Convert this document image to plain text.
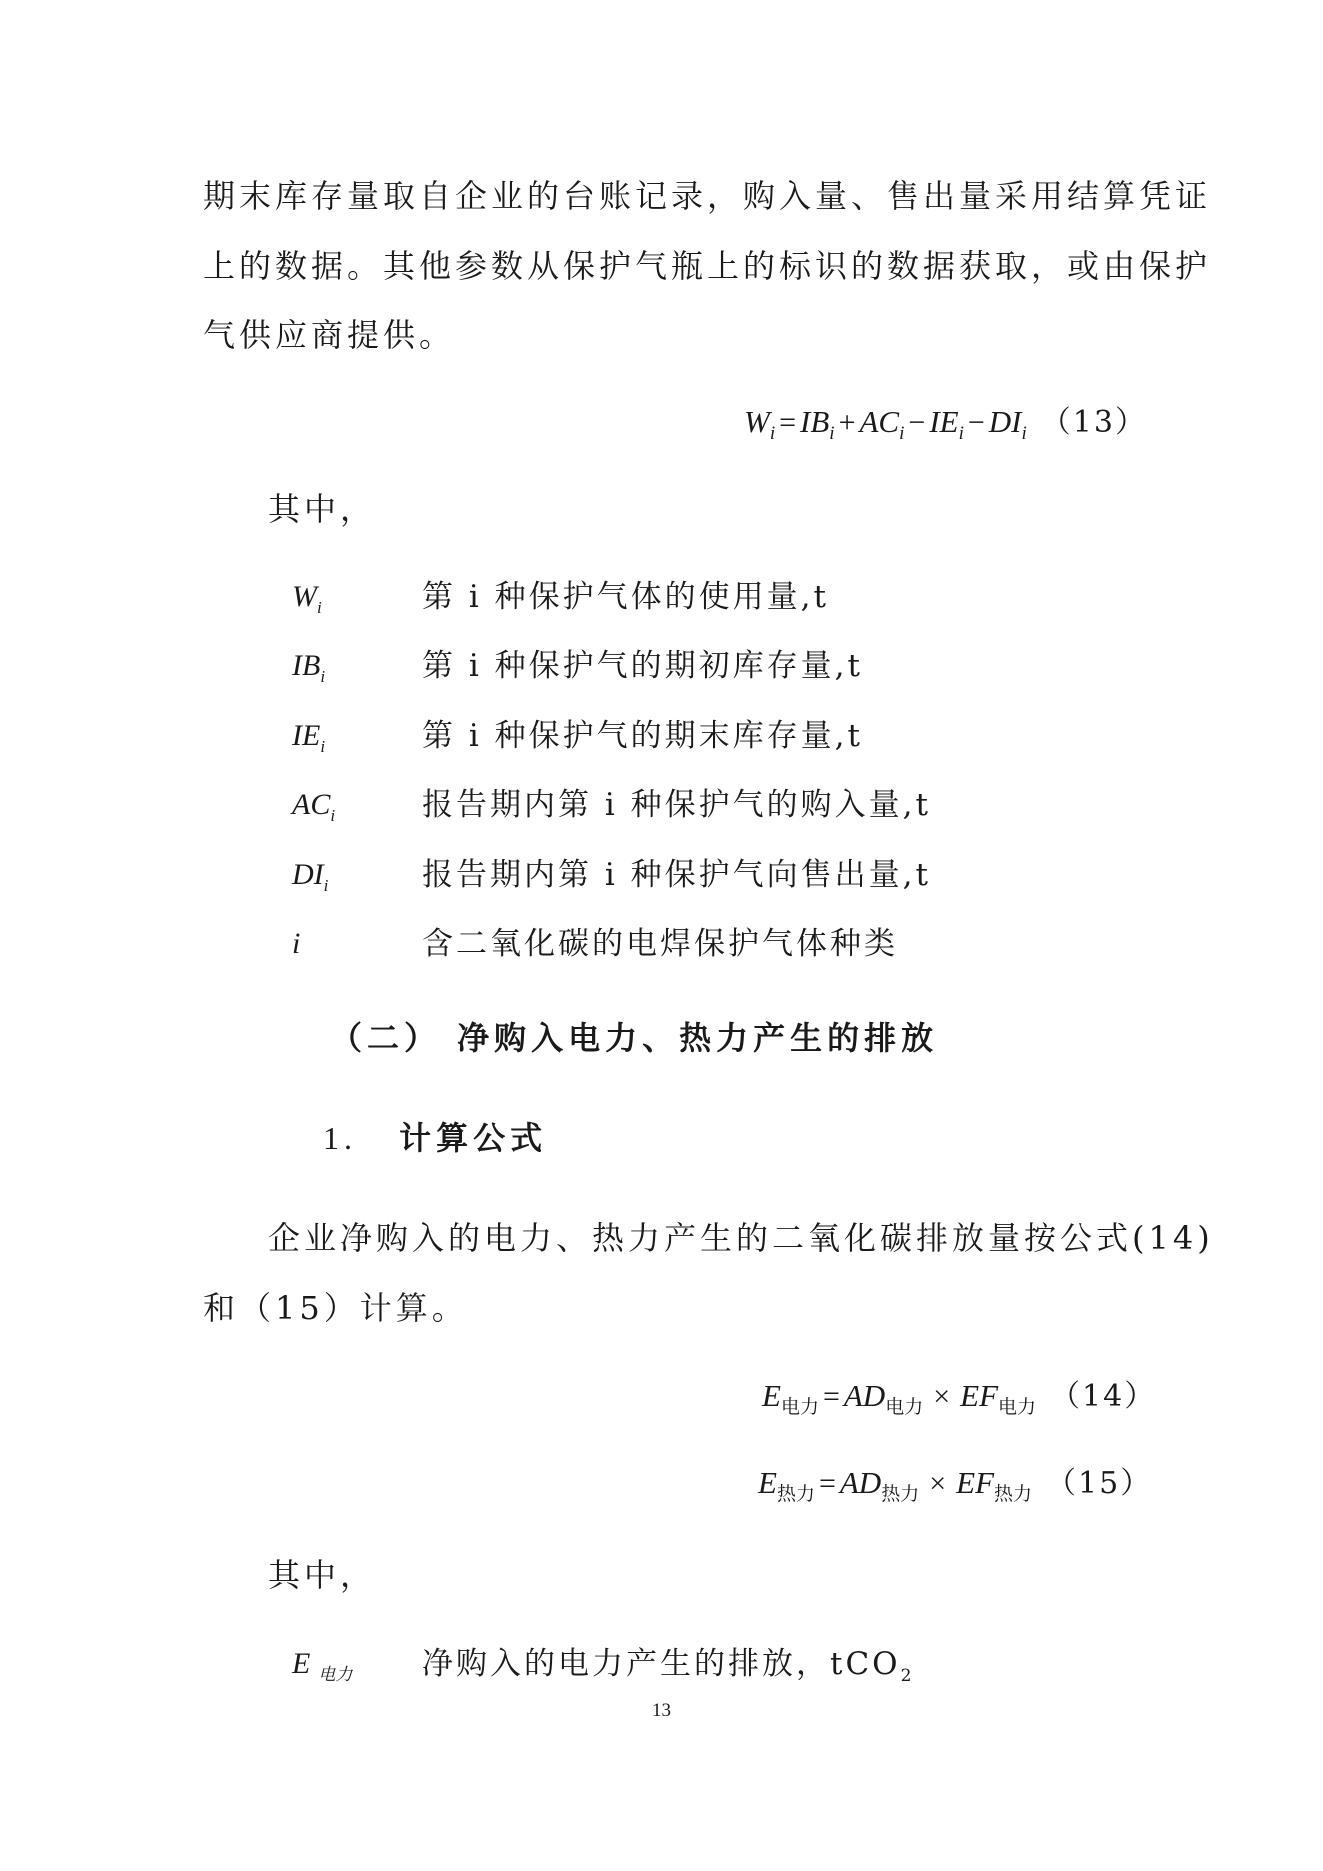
期末库存量取自企业的台账记录，购入量、售出量采用结算凭证
上的数据。其他参数从保护气瓶上的标识的数据获取，或由保护
气供应商提供。
$W_i = IB_i + AC_i - IE_i - DI_i$ （13）
其中，
$W_i$	第 i 种保护气体的使用量,t
$IB_i$	第 i 种保护气的期初库存量,t
$IE_i$	第 i 种保护气的期末库存量,t
$AC_i$	报告期内第 i 种保护气的购入量,t
$DI_i$	报告期内第 i 种保护气向售出量,t
i	含二氧化碳的电焊保护气体种类
（二） 净购入电力、热力产生的排放
1. 计算公式
企业净购入的电力、热力产生的二氧化碳排放量按公式(14)
和（15）计算。
$E_{电力} = AD_{电力} \times EF_{电力}$ （14）
$E_{热力} = AD_{热力} \times EF_{热力}$ （15）
其中，
E $_{电力}$ 净购入的电力产生的排放，tCO$_2$
13
